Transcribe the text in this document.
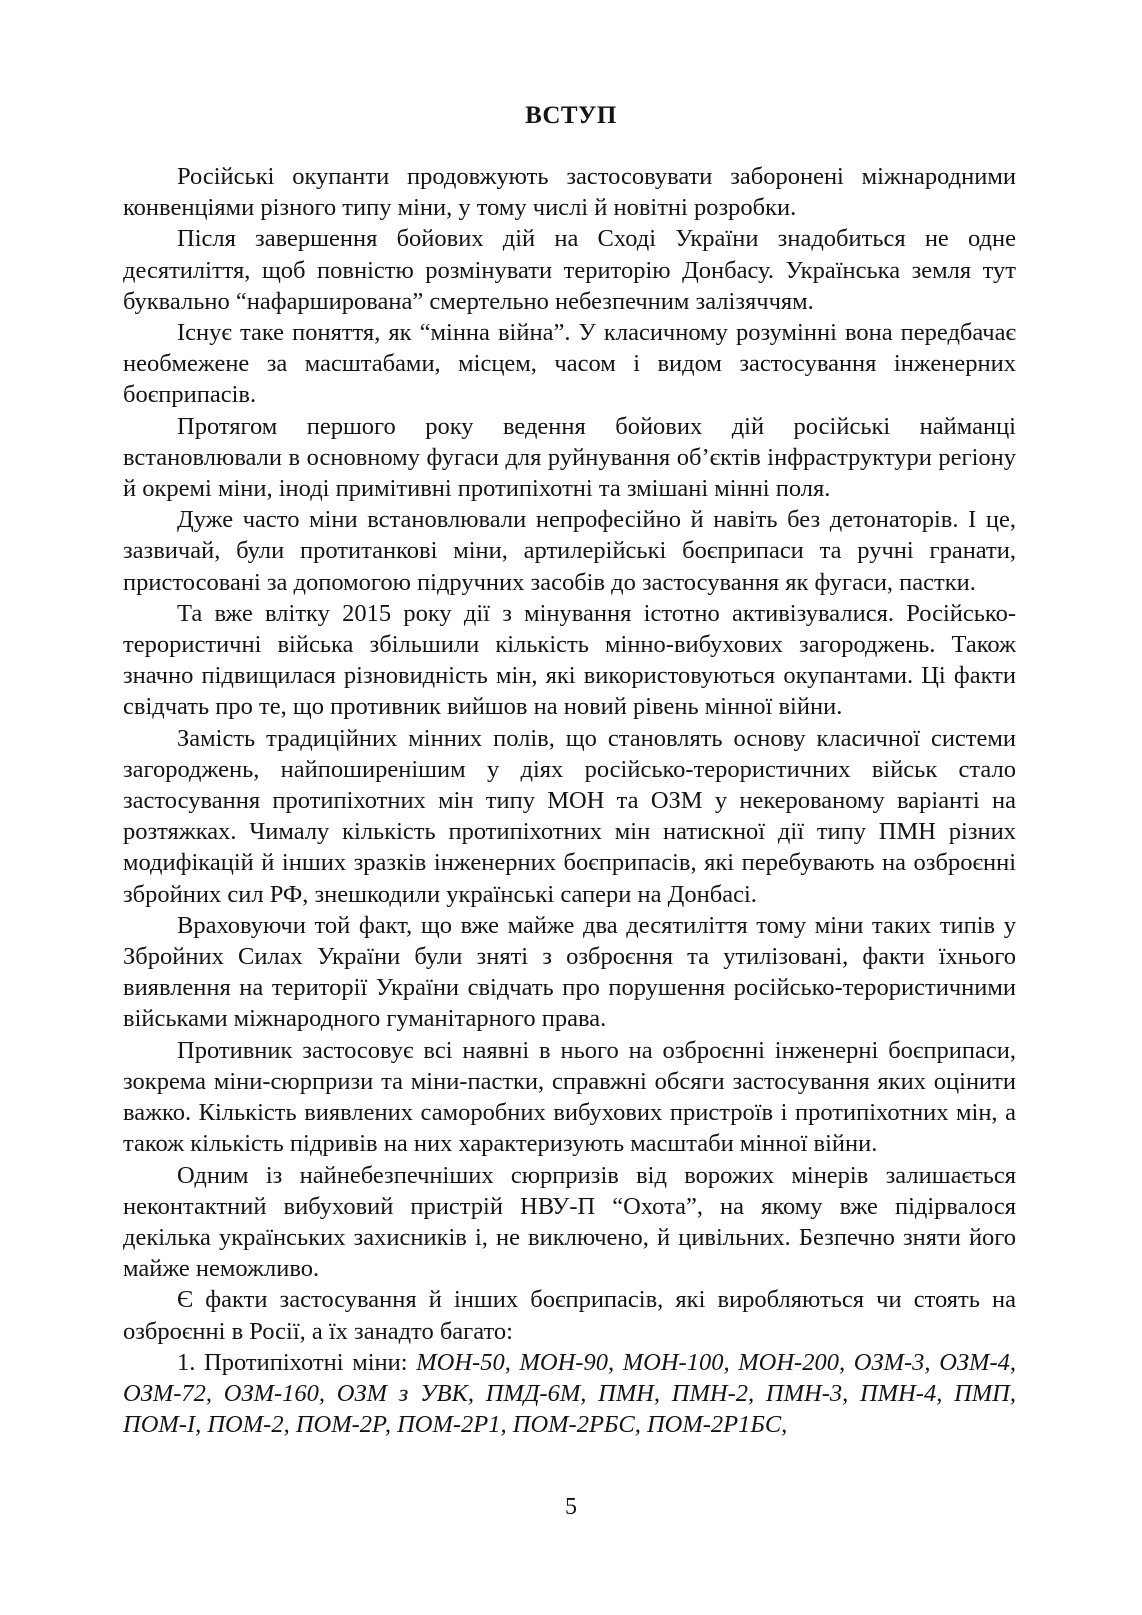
ВСТУП

Російські окупанти продовжують застосовувати заборонені міжнародними конвенціями різного типу міни, у тому числі й новітні розробки.

Після завершення бойових дій на Сході України знадобиться не одне десятиліття, щоб повністю розмінувати територію Донбасу. Українська земля тут буквально “нафарширована” смертельно небезпечним залізяччям.

Існує таке поняття, як “мінна війна”. У класичному розумінні вона передбачає необмежене за масштабами, місцем, часом і видом застосування інженерних боєприпасів.

Протягом першого року ведення бойових дій російські найманці встановлювали в основному фугаси для руйнування об’єктів інфраструктури регіону й окремі міни, іноді примітивні протипіхотні та змішані мінні поля.

Дуже часто міни встановлювали непрофесійно й навіть без детонаторів. І це, зазвичай, були протитанкові міни, артилерійські боєприпаси та ручні гранати, пристосовані за допомогою підручних засобів до застосування як фугаси, пастки.

Та вже влітку 2015 року дії з мінування істотно активізувалися. Російсько-терористичні війська збільшили кількість мінно-вибухових загороджень. Також значно підвищилася різновидність мін, які використовуються окупантами. Ці факти свідчать про те, що противник вийшов на новий рівень мінної війни.

Замість традиційних мінних полів, що становлять основу класичної системи загороджень, найпоширенішим у діях російсько-терористичних військ стало застосування протипіхотних мін типу МОН та ОЗМ у некерованому варіанті на розтяжках. Чималу кількість протипіхотних мін натискної дії типу ПМН різних модифікацій й інших зразків інженерних боєприпасів, які перебувають на озброєнні збройних сил РФ, знешкодили українські сапери на Донбасі.

Враховуючи той факт, що вже майже два десятиліття тому міни таких типів у Збройних Силах України були зняті з озброєння та утилізовані, факти їхнього виявлення на території України свідчать про порушення російсько-терористичними військами міжнародного гуманітарного права.

Противник застосовує всі наявні в нього на озброєнні інженерні боєприпаси, зокрема міни-сюрпризи та міни-пастки, справжні обсяги застосування яких оцінити важко. Кількість виявлених саморобних вибухових пристроїв і протипіхотних мін, а також кількість підривів на них характеризують масштаби мінної війни.

Одним із найнебезпечніших сюрпризів від ворожих мінерів залишається неконтактний вибуховий пристрій НВУ-П “Охота”, на якому вже підірвалося декілька українських захисників і, не виключено, й цивільних. Безпечно зняти його майже неможливо.

Є факти застосування й інших боєприпасів, які виробляються чи стоять на озброєнні в Росії, а їх занадто багато:

1. Протипіхотні міни: МОН-50, МОН-90, МОН-100, МОН-200, ОЗМ-3, ОЗМ-4, ОЗМ-72, ОЗМ-160, ОЗМ з УВК, ПМД-6М, ПМН, ПМН-2, ПМН-3, ПМН-4, ПМП, ПОМ-І, ПОМ-2, ПОМ-2Р, ПОМ-2Р1, ПОМ-2РБС, ПОМ-2Р1БС,

5
